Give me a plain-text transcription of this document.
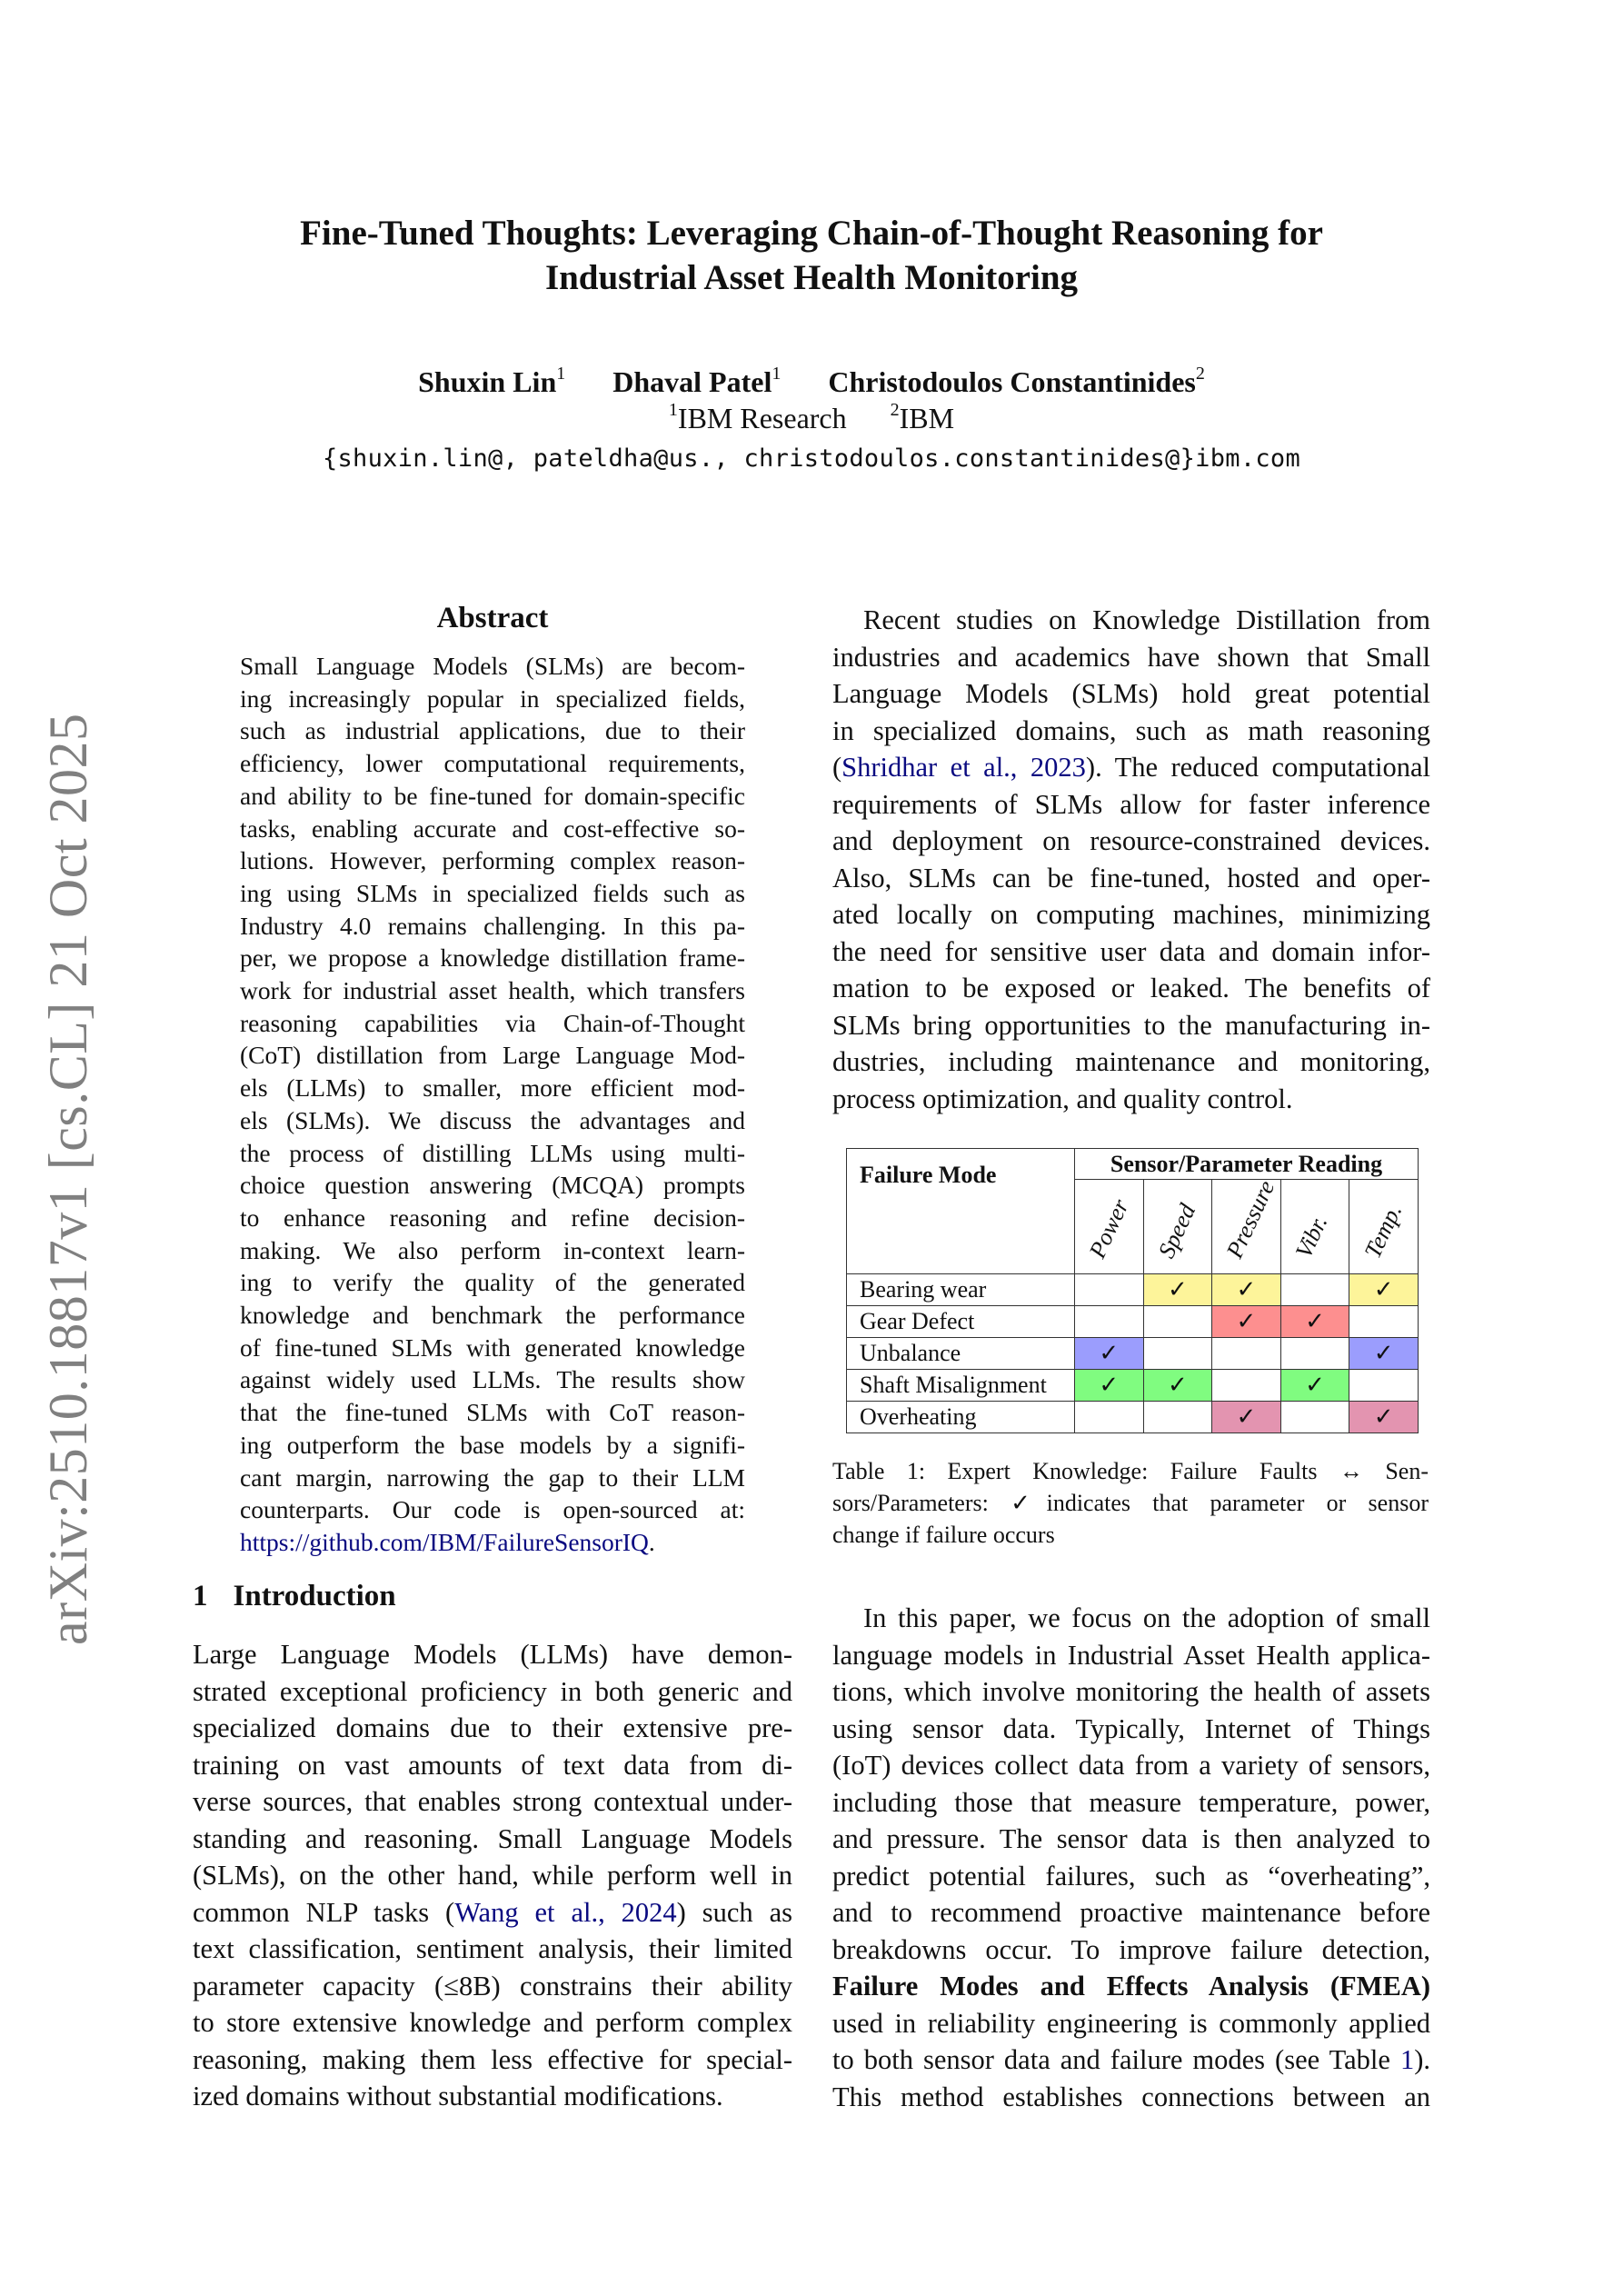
arXiv:2510.18817v1 [cs.CL] 21 Oct 2025
Fine-Tuned Thoughts: Leveraging Chain-of-Thought Reasoning for
Industrial Asset Health Monitoring
Shuxin Lin$^1$ Dhaval Patel$^1$ Christodoulos Constantinides$^2$
$^1$IBM Research $^2$IBM
{shuxin.lin@, pateldha@us., christodoulos.constantinides@}ibm.com
Abstract
Small Language Models (SLMs) are becom-
ing increasingly popular in specialized fields,
such as industrial applications, due to their
efficiency, lower computational requirements,
and ability to be fine-tuned for domain-specific
tasks, enabling accurate and cost-effective so-
lutions. However, performing complex reason-
ing using SLMs in specialized fields such as
Industry 4.0 remains challenging. In this pa-
per, we propose a knowledge distillation frame-
work for industrial asset health, which transfers
reasoning capabilities via Chain-of-Thought
(CoT) distillation from Large Language Mod-
els (LLMs) to smaller, more efficient mod-
els (SLMs). We discuss the advantages and
the process of distilling LLMs using multi-
choice question answering (MCQA) prompts
to enhance reasoning and refine decision-
making. We also perform in-context learn-
ing to verify the quality of the generated
knowledge and benchmark the performance
of fine-tuned SLMs with generated knowledge
against widely used LLMs. The results show
that the fine-tuned SLMs with CoT reason-
ing outperform the base models by a signifi-
cant margin, narrowing the gap to their LLM
counterparts. Our code is open-sourced at:
https://github.com/IBM/FailureSensorIQ.
1 Introduction
Large Language Models (LLMs) have demon-
strated exceptional proficiency in both generic and
specialized domains due to their extensive pre-
training on vast amounts of text data from di-
verse sources, that enables strong contextual under-
standing and reasoning. Small Language Models
(SLMs), on the other hand, while perform well in
common NLP tasks (Wang et al., 2024) such as
text classification, sentiment analysis, their limited
parameter capacity (≤8B) constrains their ability
to store extensive knowledge and perform complex
reasoning, making them less effective for special-
ized domains without substantial modifications.
Recent studies on Knowledge Distillation from
industries and academics have shown that Small
Language Models (SLMs) hold great potential
in specialized domains, such as math reasoning
(Shridhar et al., 2023). The reduced computational
requirements of SLMs allow for faster inference
and deployment on resource-constrained devices.
Also, SLMs can be fine-tuned, hosted and oper-
ated locally on computing machines, minimizing
the need for sensitive user data and domain infor-
mation to be exposed or leaked. The benefits of
SLMs bring opportunities to the manufacturing in-
dustries, including maintenance and monitoring,
process optimization, and quality control.
Failure Mode	Sensor/Parameter Reading				

	Power	Speed	Pressure	Vibr.	Temp.

Bearing wear		✓	✓		✓
Gear Defect			✓	✓	
Unbalance	✓				✓
Shaft Misalignment	✓	✓		✓	
Overheating			✓		✓
Table 1: Expert Knowledge: Failure Faults ↔ Sen-
sors/Parameters: ✓indicates that parameter or sensor
change if failure occurs
In this paper, we focus on the adoption of small
language models in Industrial Asset Health applica-
tions, which involve monitoring the health of assets
using sensor data. Typically, Internet of Things
(IoT) devices collect data from a variety of sensors,
including those that measure temperature, power,
and pressure. The sensor data is then analyzed to
predict potential failures, such as “overheating”,
and to recommend proactive maintenance before
breakdowns occur. To improve failure detection,
Failure Modes and Effects Analysis (FMEA)
used in reliability engineering is commonly applied
to both sensor data and failure modes (see Table 1).
This method establishes connections between an
